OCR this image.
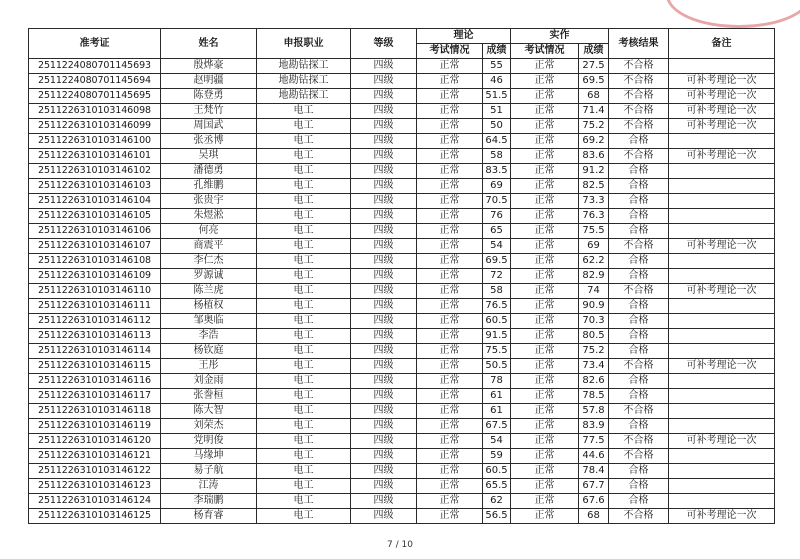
准考证	姓名	申报职业	等级	理论		实作		考核结果	备注
				考试情况	成绩	考试情况	成绩		
2511224080701145693	殷烨豪	地勘钻探工	四级	正常	55	正常	27.5	不合格	
2511224080701145694	赵明疆	地勘钻探工	四级	正常	46	正常	69.5	不合格	可补考理论一次
2511224080701145695	陈登勇	地勘钻探工	四级	正常	51.5	正常	68	不合格	可补考理论一次
2511226310103146098	王梵竹	电工	四级	正常	51	正常	71.4	不合格	可补考理论一次
2511226310103146099	周国武	电工	四级	正常	50	正常	75.2	不合格	可补考理论一次
2511226310103146100	张丞博	电工	四级	正常	64.5	正常	69.2	合格	
2511226310103146101	吴琪	电工	四级	正常	58	正常	83.6	不合格	可补考理论一次
2511226310103146102	潘德勇	电工	四级	正常	83.5	正常	91.2	合格	
2511226310103146103	孔维鹏	电工	四级	正常	69	正常	82.5	合格	
2511226310103146104	张贵宇	电工	四级	正常	70.5	正常	73.3	合格	
2511226310103146105	朱煜淞	电工	四级	正常	76	正常	76.3	合格	
2511226310103146106	何亮	电工	四级	正常	65	正常	75.5	合格	
2511226310103146107	商震平	电工	四级	正常	54	正常	69	不合格	可补考理论一次
2511226310103146108	李仁杰	电工	四级	正常	69.5	正常	62.2	合格	
2511226310103146109	罗源诚	电工	四级	正常	72	正常	82.9	合格	
2511226310103146110	陈兰虎	电工	四级	正常	58	正常	74	不合格	可补考理论一次
2511226310103146111	杨植权	电工	四级	正常	76.5	正常	90.9	合格	
2511226310103146112	邹奥临	电工	四级	正常	60.5	正常	70.3	合格	
2511226310103146113	李浩	电工	四级	正常	91.5	正常	80.5	合格	
2511226310103146114	杨钦庭	电工	四级	正常	75.5	正常	75.2	合格	
2511226310103146115	王彤	电工	四级	正常	50.5	正常	73.4	不合格	可补考理论一次
2511226310103146116	刘金雨	电工	四级	正常	78	正常	82.6	合格	
2511226310103146117	张誊桓	电工	四级	正常	61	正常	78.5	合格	
2511226310103146118	陈大智	电工	四级	正常	61	正常	57.8	不合格	
2511226310103146119	刘荣杰	电工	四级	正常	67.5	正常	83.9	合格	
2511226310103146120	党明俊	电工	四级	正常	54	正常	77.5	不合格	可补考理论一次
2511226310103146121	马缘坤	电工	四级	正常	59	正常	44.6	不合格	
2511226310103146122	易子航	电工	四级	正常	60.5	正常	78.4	合格	
2511226310103146123	江涛	电工	四级	正常	65.5	正常	67.7	合格	
2511226310103146124	李瑞鹏	电工	四级	正常	62	正常	67.6	合格	
2511226310103146125	杨育睿	电工	四级	正常	56.5	正常	68	不合格	可补考理论一次
7 / 10
